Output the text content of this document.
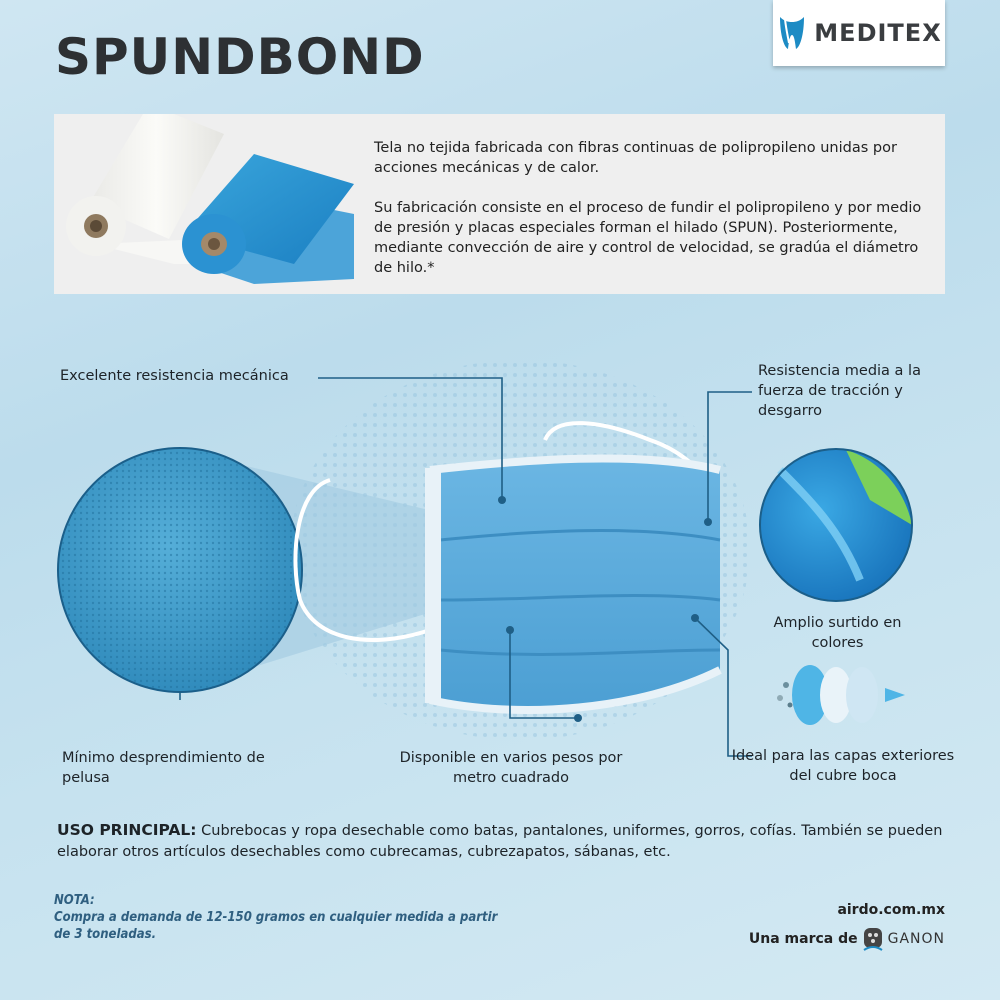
SPUNDBOND	MEDITEX

Tela no tejida fabricada con fibras continuas de polipropileno unidas por acciones mecánicas y de calor.

Su fabricación consiste en el proceso de fundir el polipropileno y por medio de presión y placas especiales forman el hilado (SPUN). Posteriormente, mediante convección de aire y control de velocidad, se gradúa el diámetro de hilo.*

Excelente resistencia mecánica	Resistencia media a la fuerza de tracción y desgarro
Amplio surtido en colores
Mínimo desprendimiento de pelusa
Disponible en varios pesos por metro cuadrado
Ideal para las capas exteriores del cubre boca
USO PRINCIPAL: Cubrebocas y ropa desechable como batas, pantalones, uniformes, gorros, cofías. También se pueden elaborar otros artículos desechables como cubrecamas, cubrezapatos, sábanas, etc.
NOTA:
Compra a demanda de 12-150 gramos en cualquier medida a partir de 3 toneladas.
airdo.com.mx
Una marca de GANON
